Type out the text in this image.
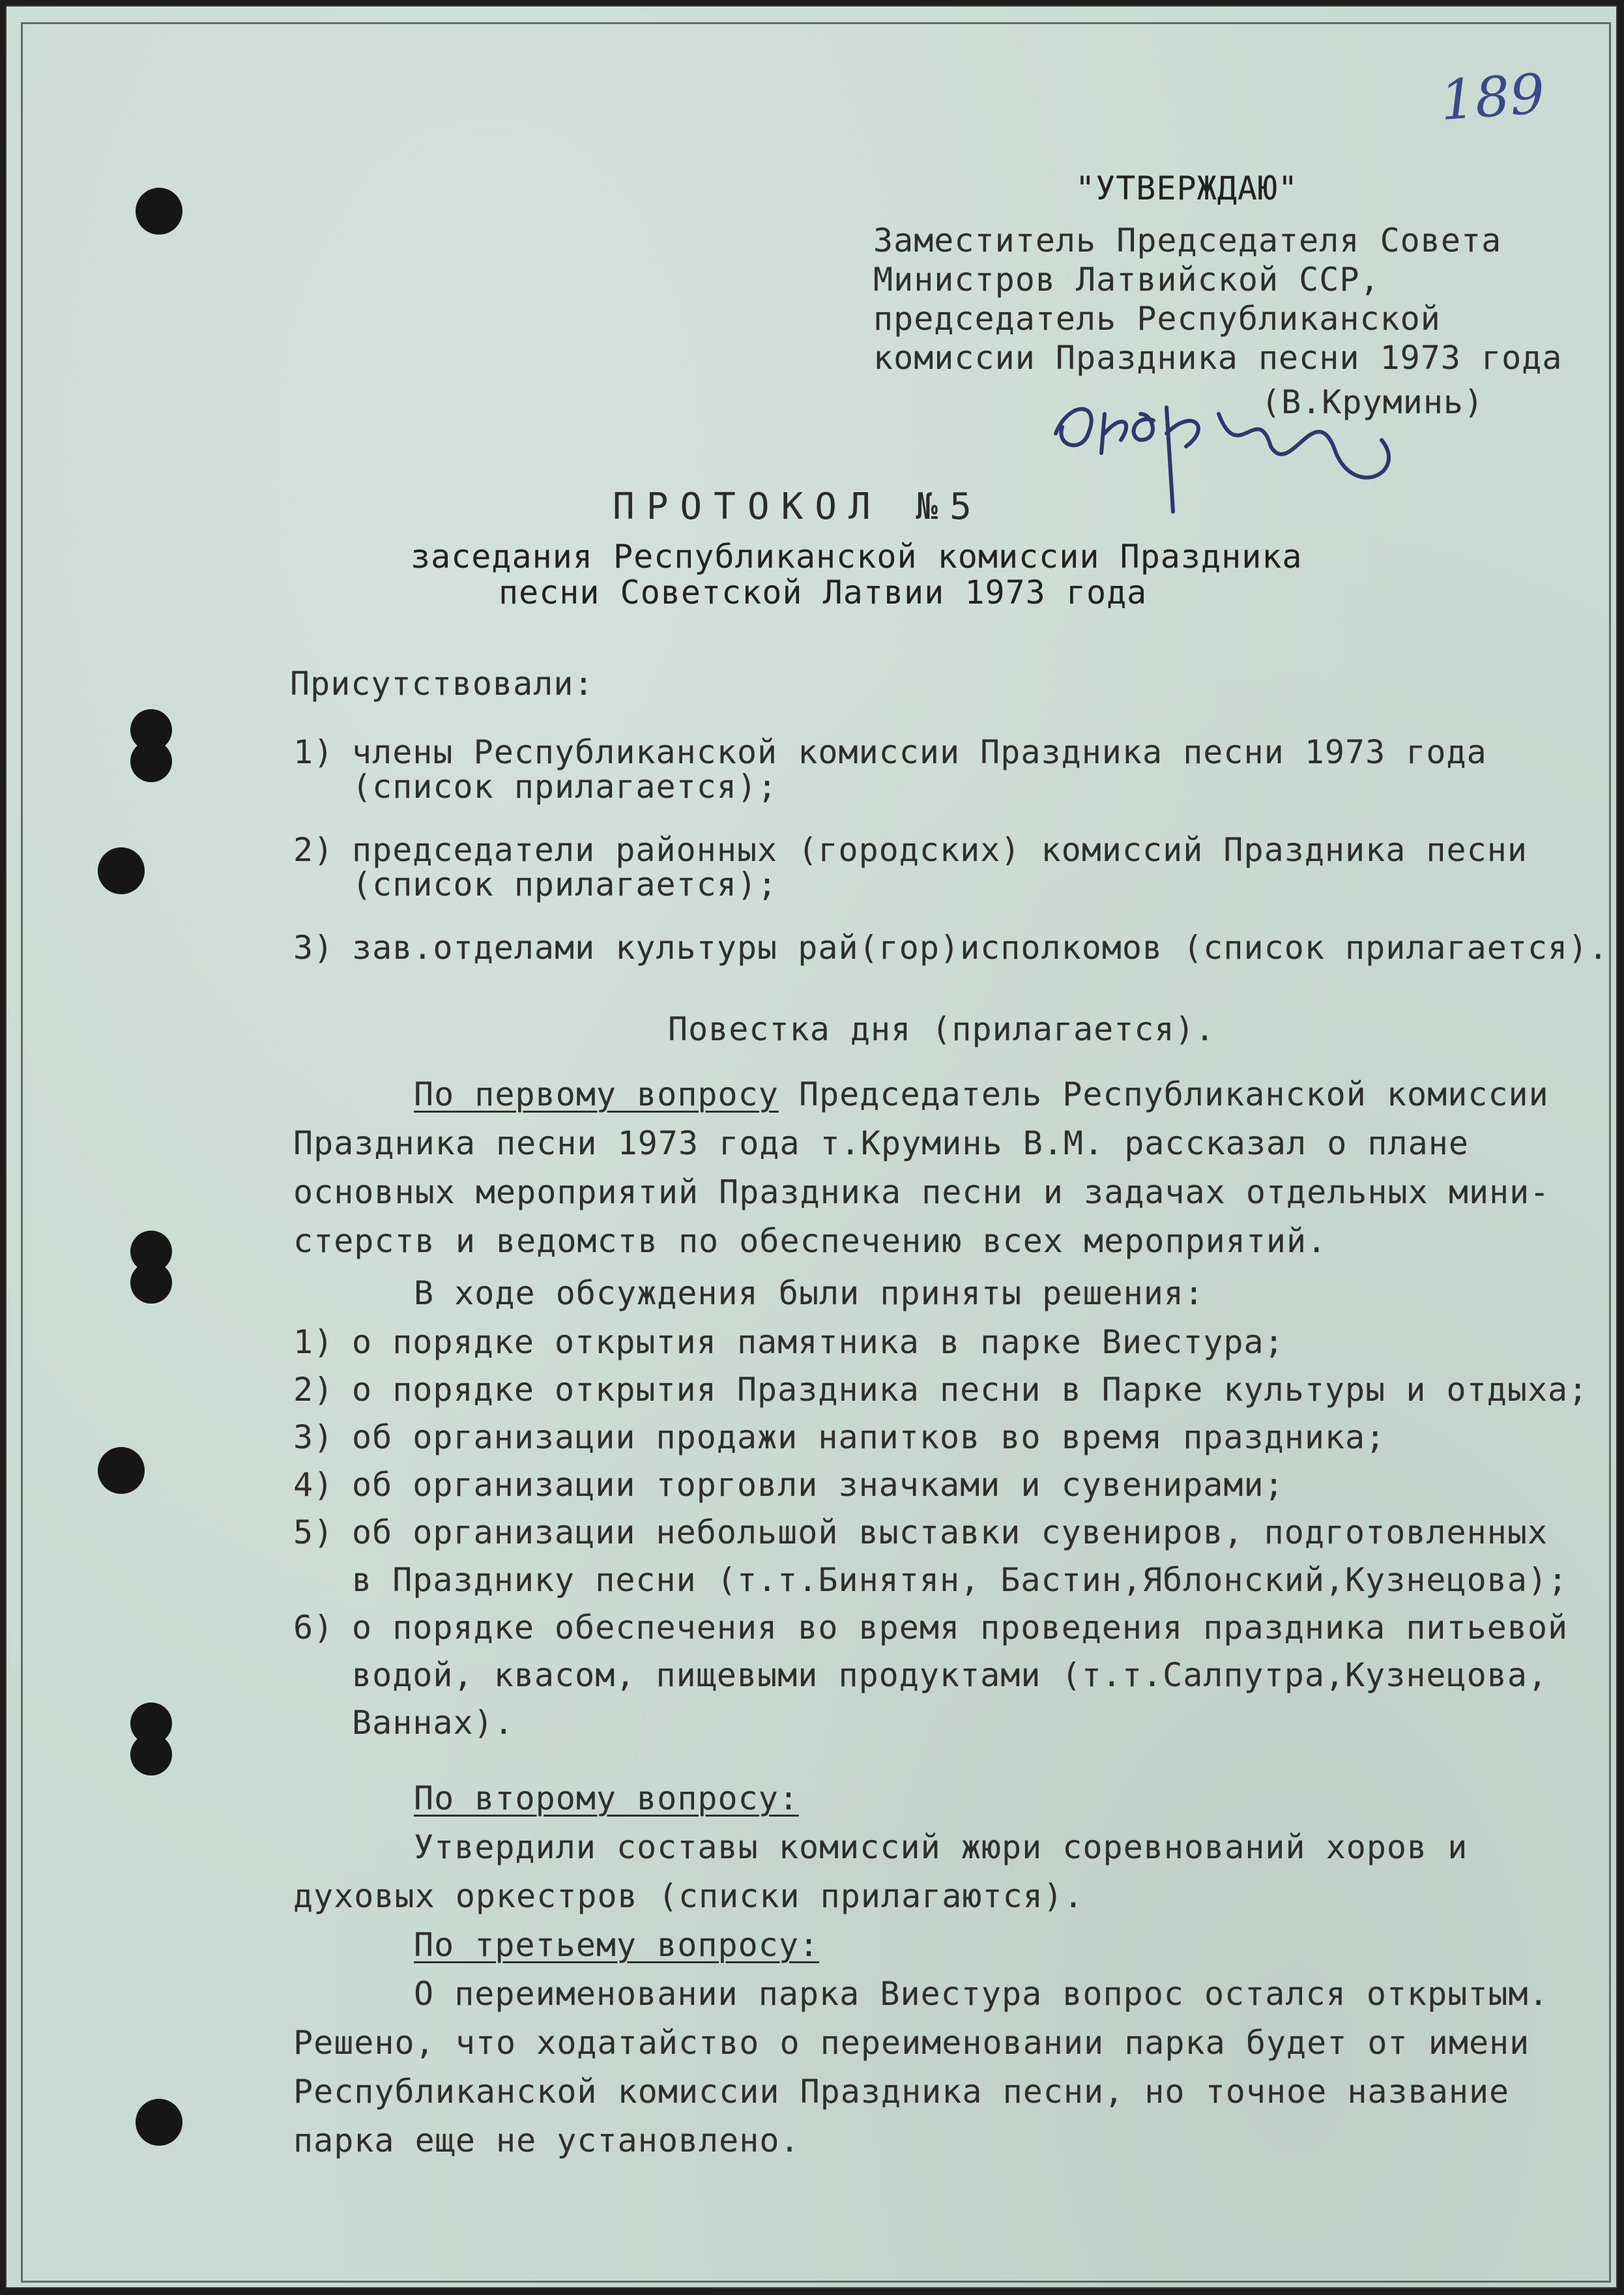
189
"УТВЕРЖДАЮ"
Заместитель Председателя Совета
Министров Латвийской ССР,
председатель Республиканской
комиссии Праздника песни 1973 года
(В.Круминь)
ПРОТОКОЛ №5
заседания Республиканской комиссии Праздника
песни Советской Латвии 1973 года
Присутствовали:
1) члены Республиканской комиссии Праздника песни 1973 года
(список прилагается);
2) председатели районных (городских) комиссий Праздника песни
(список прилагается);
3) зав.отделами культуры рай(гор)исполкомов (список прилагается).
Повестка дня (прилагается).
По первому вопросу Председатель Республиканской комиссии
Праздника песни 1973 года т.Круминь В.М. рассказал о плане
основных мероприятий Праздника песни и задачах отдельных мини-
стерств и ведомств по обеспечению всех мероприятий.
В ходе обсуждения были приняты решения:
1) о порядке открытия памятника в парке Виестура;
2) о порядке открытия Праздника песни в Парке культуры и отдыха;
3) об организации продажи напитков во время праздника;
4) об организации торговли значками и сувенирами;
5) об организации небольшой выставки сувениров, подготовленных
в Празднику песни (т.т.Бинятян, Бастин,Яблонский,Кузнецова);
6) о порядке обеспечения во время проведения праздника питьевой
водой, квасом, пищевыми продуктами (т.т.Салпутра,Кузнецова,
Ваннах).
По второму вопросу:
Утвердили составы комиссий жюри соревнований хоров и
духовых оркестров (списки прилагаются).
По третьему вопросу:
О переименовании парка Виестура вопрос остался открытым.
Решено, что ходатайство о переименовании парка будет от имени
Республиканской комиссии Праздника песни, но точное название
парка еще не установлено.
